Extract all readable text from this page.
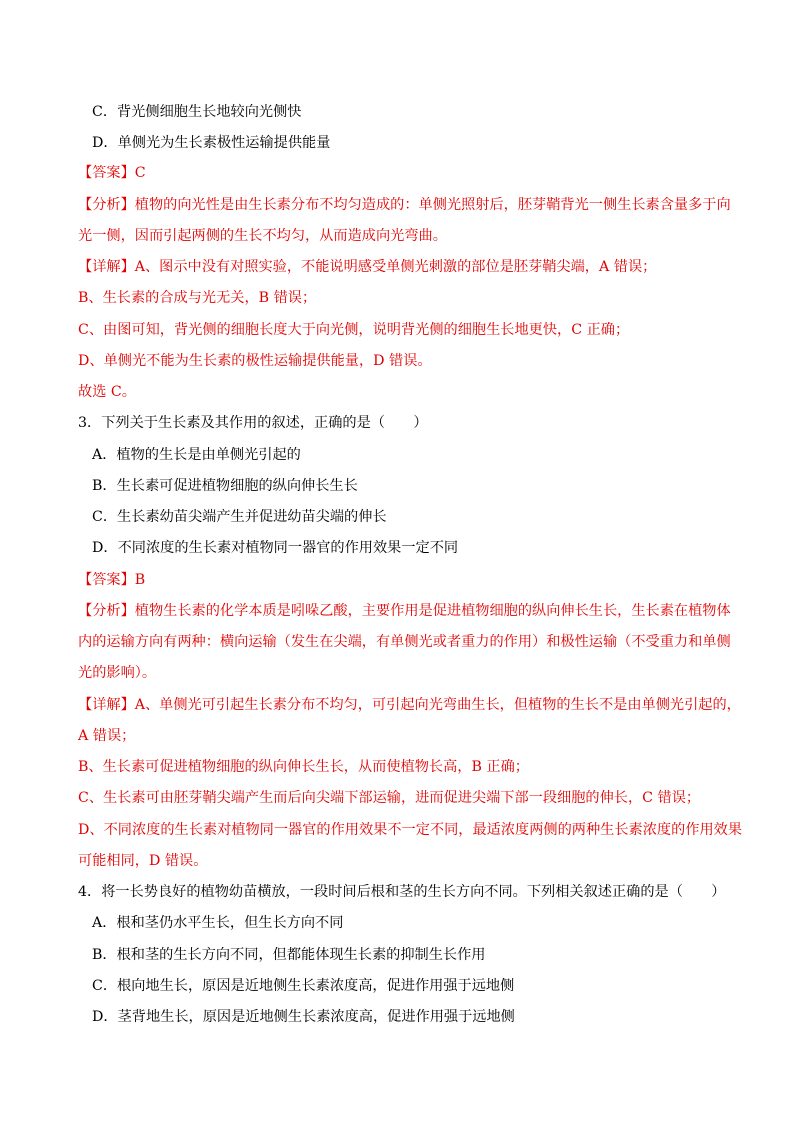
C．背光侧细胞生长地较向光侧快
D．单侧光为生长素极性运输提供能量
【答案】C
【分析】植物的向光性是由生长素分布不均匀造成的：单侧光照射后，胚芽鞘背光一侧生长素含量多于向
光一侧，因而引起两侧的生长不均匀，从而造成向光弯曲。
【详解】A、图示中没有对照实验，不能说明感受单侧光刺激的部位是胚芽鞘尖端，A 错误；
B、生长素的合成与光无关，B 错误；
C、由图可知，背光侧的细胞长度大于向光侧，说明背光侧的细胞生长地更快，C 正确；
D、单侧光不能为生长素的极性运输提供能量，D 错误。
故选 C。
3．下列关于生长素及其作用的叙述，正确的是（　　）
A．植物的生长是由单侧光引起的
B．生长素可促进植物细胞的纵向伸长生长
C．生长素幼苗尖端产生并促进幼苗尖端的伸长
D．不同浓度的生长素对植物同一器官的作用效果一定不同
【答案】B
【分析】植物生长素的化学本质是吲哚乙酸，主要作用是促进植物细胞的纵向伸长生长，生长素在植物体
内的运输方向有两种：横向运输（发生在尖端，有单侧光或者重力的作用）和极性运输（不受重力和单侧
光的影响）。
【详解】A、单侧光可引起生长素分布不均匀，可引起向光弯曲生长，但植物的生长不是由单侧光引起的，
A 错误；
B、生长素可促进植物细胞的纵向伸长生长，从而使植物长高，B 正确；
C、生长素可由胚芽鞘尖端产生而后向尖端下部运输，进而促进尖端下部一段细胞的伸长，C 错误；
D、不同浓度的生长素对植物同一器官的作用效果不一定不同，最适浓度两侧的两种生长素浓度的作用效果
可能相同，D 错误。
4．将一长势良好的植物幼苗横放，一段时间后根和茎的生长方向不同。下列相关叙述正确的是（　　）
A．根和茎仍水平生长，但生长方向不同
B．根和茎的生长方向不同，但都能体现生长素的抑制生长作用
C．根向地生长，原因是近地侧生长素浓度高，促进作用强于远地侧
D．茎背地生长，原因是近地侧生长素浓度高，促进作用强于远地侧
